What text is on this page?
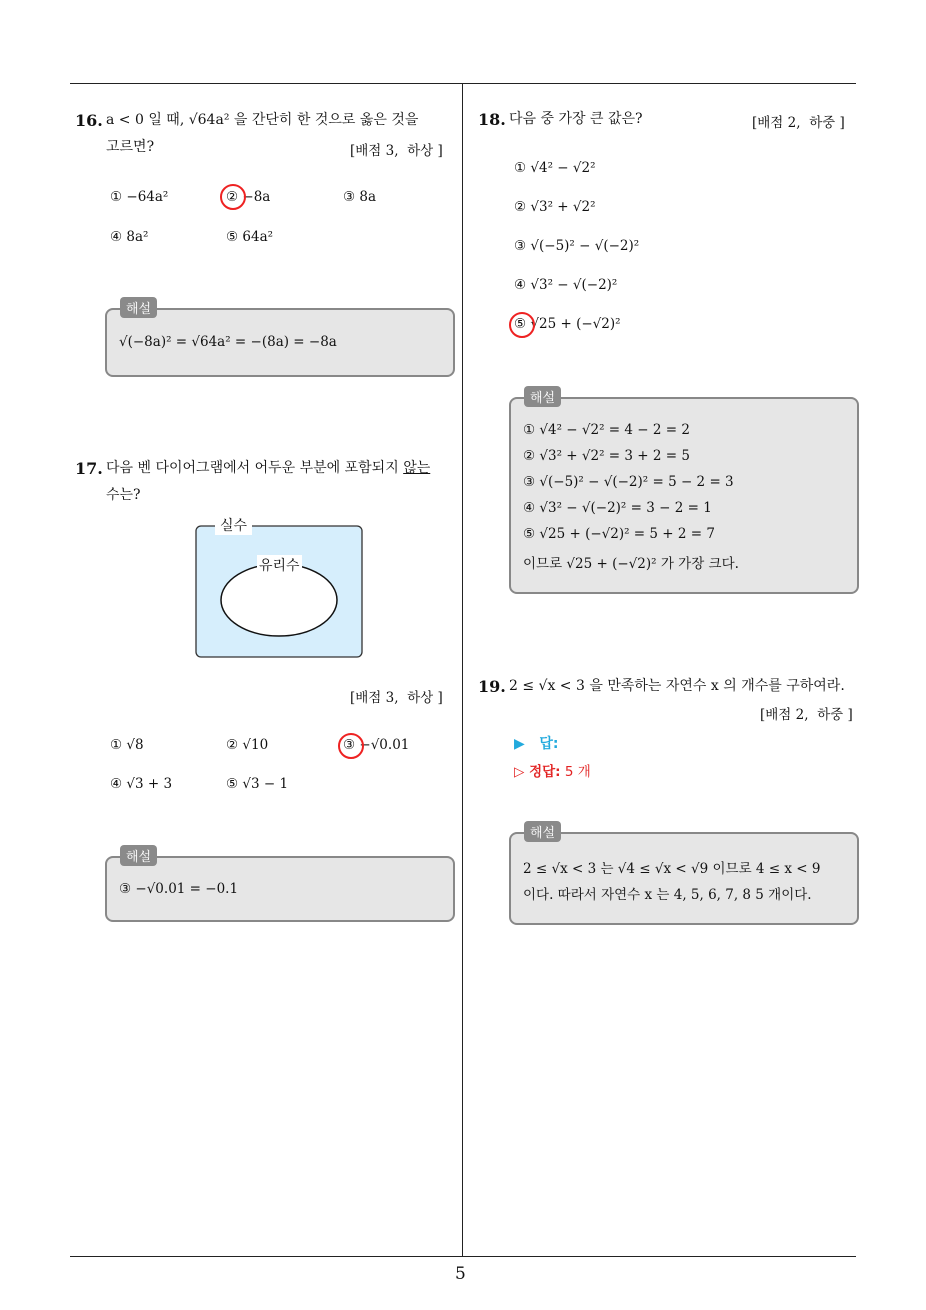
5
16. a < 0 일 때, √64a² 을 간단히 한 것으로 옳은 것을
고르면?	[배점 3,  하상 ]
① −64a²	② −8a	③ 8a
④ 8a²	⑤ 64a²
√(−8a)² = √64a² = −(8a) = −8a
해설
17. 다음 벤 다이어그램에서 어두운 부분에 포함되지 않는
수는?
실수
유리수
[배점 3,  하상 ]
① √8	② √10	③ −√0.01
④ √3 + 3	⑤ √3 − 1
③ −√0.01 = −0.1
해설
18. 다음 중 가장 큰 값은?	[배점 2,  하중 ]
① √4² − √2²
② √3² + √2²
③ √(−5)² − √(−2)²
④ √3² − √(−2)²
⑤ √25 + (−√2)²
① √4² − √2² = 4 − 2 = 2
② √3² + √2² = 3 + 2 = 5
③ √(−5)² − √(−2)² = 5 − 2 = 3
④ √3² − √(−2)² = 3 − 2 = 1
⑤ √25 + (−√2)² = 5 + 2 = 7
이므로 √25 + (−√2)² 가 가장 크다.
해설
19. 2 ≤ √x < 3 을 만족하는 자연수 x 의 개수를 구하여라.
[배점 2,  하중 ]
▶   답:
▷ 정답: 5 개
2 ≤ √x < 3 는 √4 ≤ √x < √9 이므로 4 ≤ x < 9
이다. 따라서 자연수 x 는 4, 5, 6, 7, 8 5 개이다.
해설
